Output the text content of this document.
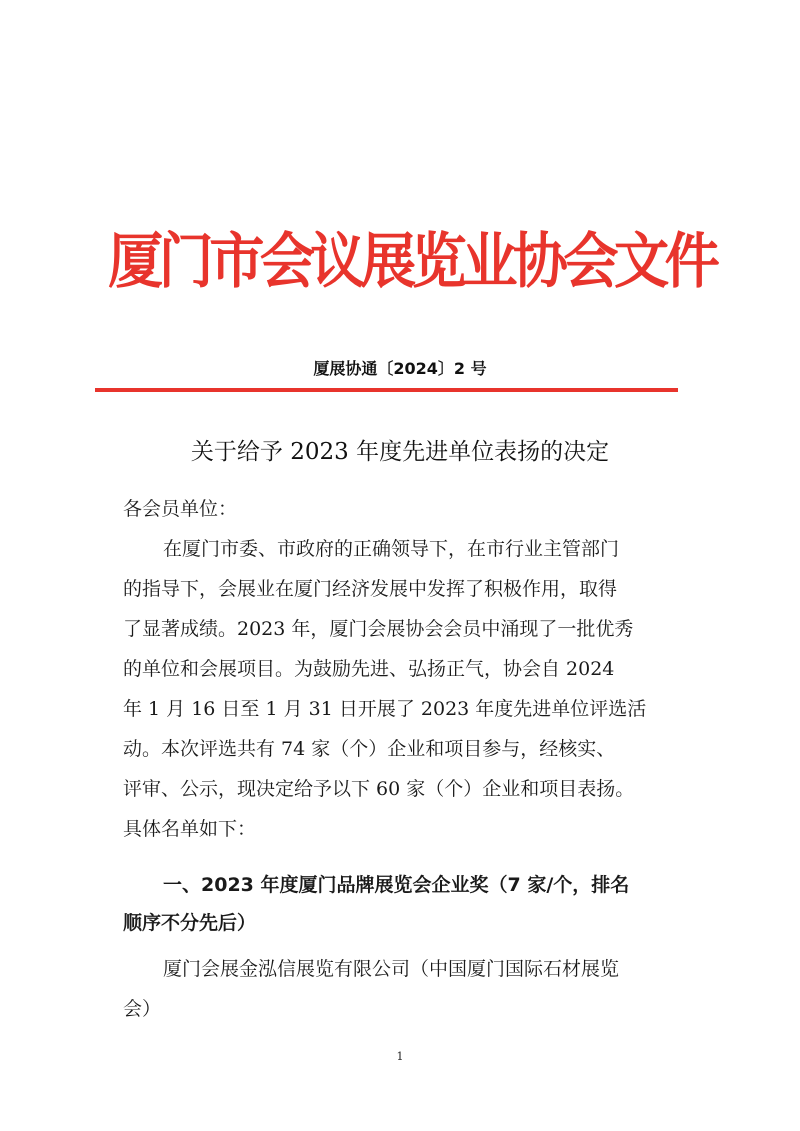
厦门市会议展览业协会文件
厦展协通〔2024〕2 号
关于给予 2023 年度先进单位表扬的决定
各会员单位：
在厦门市委、市政府的正确领导下，在市行业主管部门
的指导下，会展业在厦门经济发展中发挥了积极作用，取得
了显著成绩。2023 年，厦门会展协会会员中涌现了一批优秀
的单位和会展项目。为鼓励先进、弘扬正气，协会自 2024
年 1 月 16 日至 1 月 31 日开展了 2023 年度先进单位评选活
动。本次评选共有 74 家（个）企业和项目参与，经核实、
评审、公示，现决定给予以下 60 家（个）企业和项目表扬。
具体名单如下：
一、2023 年度厦门品牌展览会企业奖（7 家/个，排名
顺序不分先后）
厦门会展金泓信展览有限公司（中国厦门国际石材展览
会）
1
